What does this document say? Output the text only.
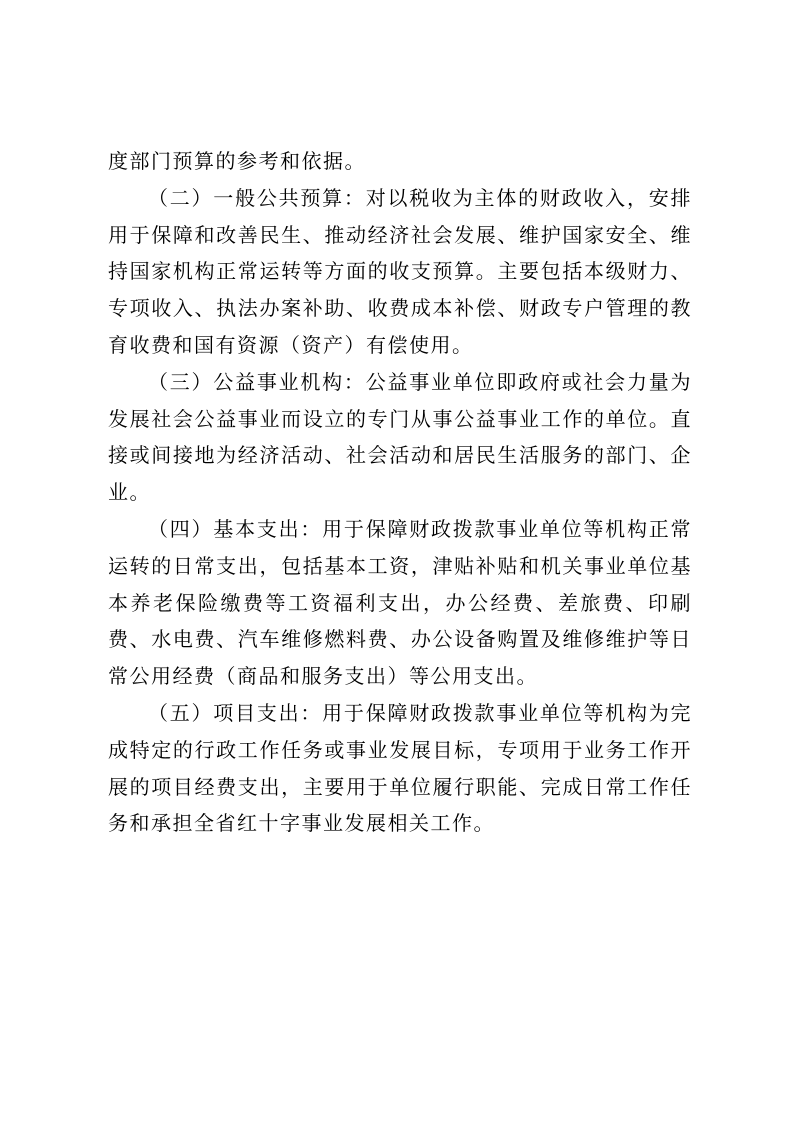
度部门预算的参考和依据。

（二）一般公共预算：对以税收为主体的财政收入，安排用于保障和改善民生、推动经济社会发展、维护国家安全、维持国家机构正常运转等方面的收支预算。主要包括本级财力、专项收入、执法办案补助、收费成本补偿、财政专户管理的教育收费和国有资源（资产）有偿使用。

（三）公益事业机构：公益事业单位即政府或社会力量为发展社会公益事业而设立的专门从事公益事业工作的单位。直接或间接地为经济活动、社会活动和居民生活服务的部门、企业。

（四）基本支出：用于保障财政拨款事业单位等机构正常运转的日常支出，包括基本工资，津贴补贴和机关事业单位基本养老保险缴费等工资福利支出，办公经费、差旅费、印刷费、水电费、汽车维修燃料费、办公设备购置及维修维护等日常公用经费（商品和服务支出）等公用支出。

（五）项目支出：用于保障财政拨款事业单位等机构为完成特定的行政工作任务或事业发展目标，专项用于业务工作开展的项目经费支出，主要用于单位履行职能、完成日常工作任务和承担全省红十字事业发展相关工作。
